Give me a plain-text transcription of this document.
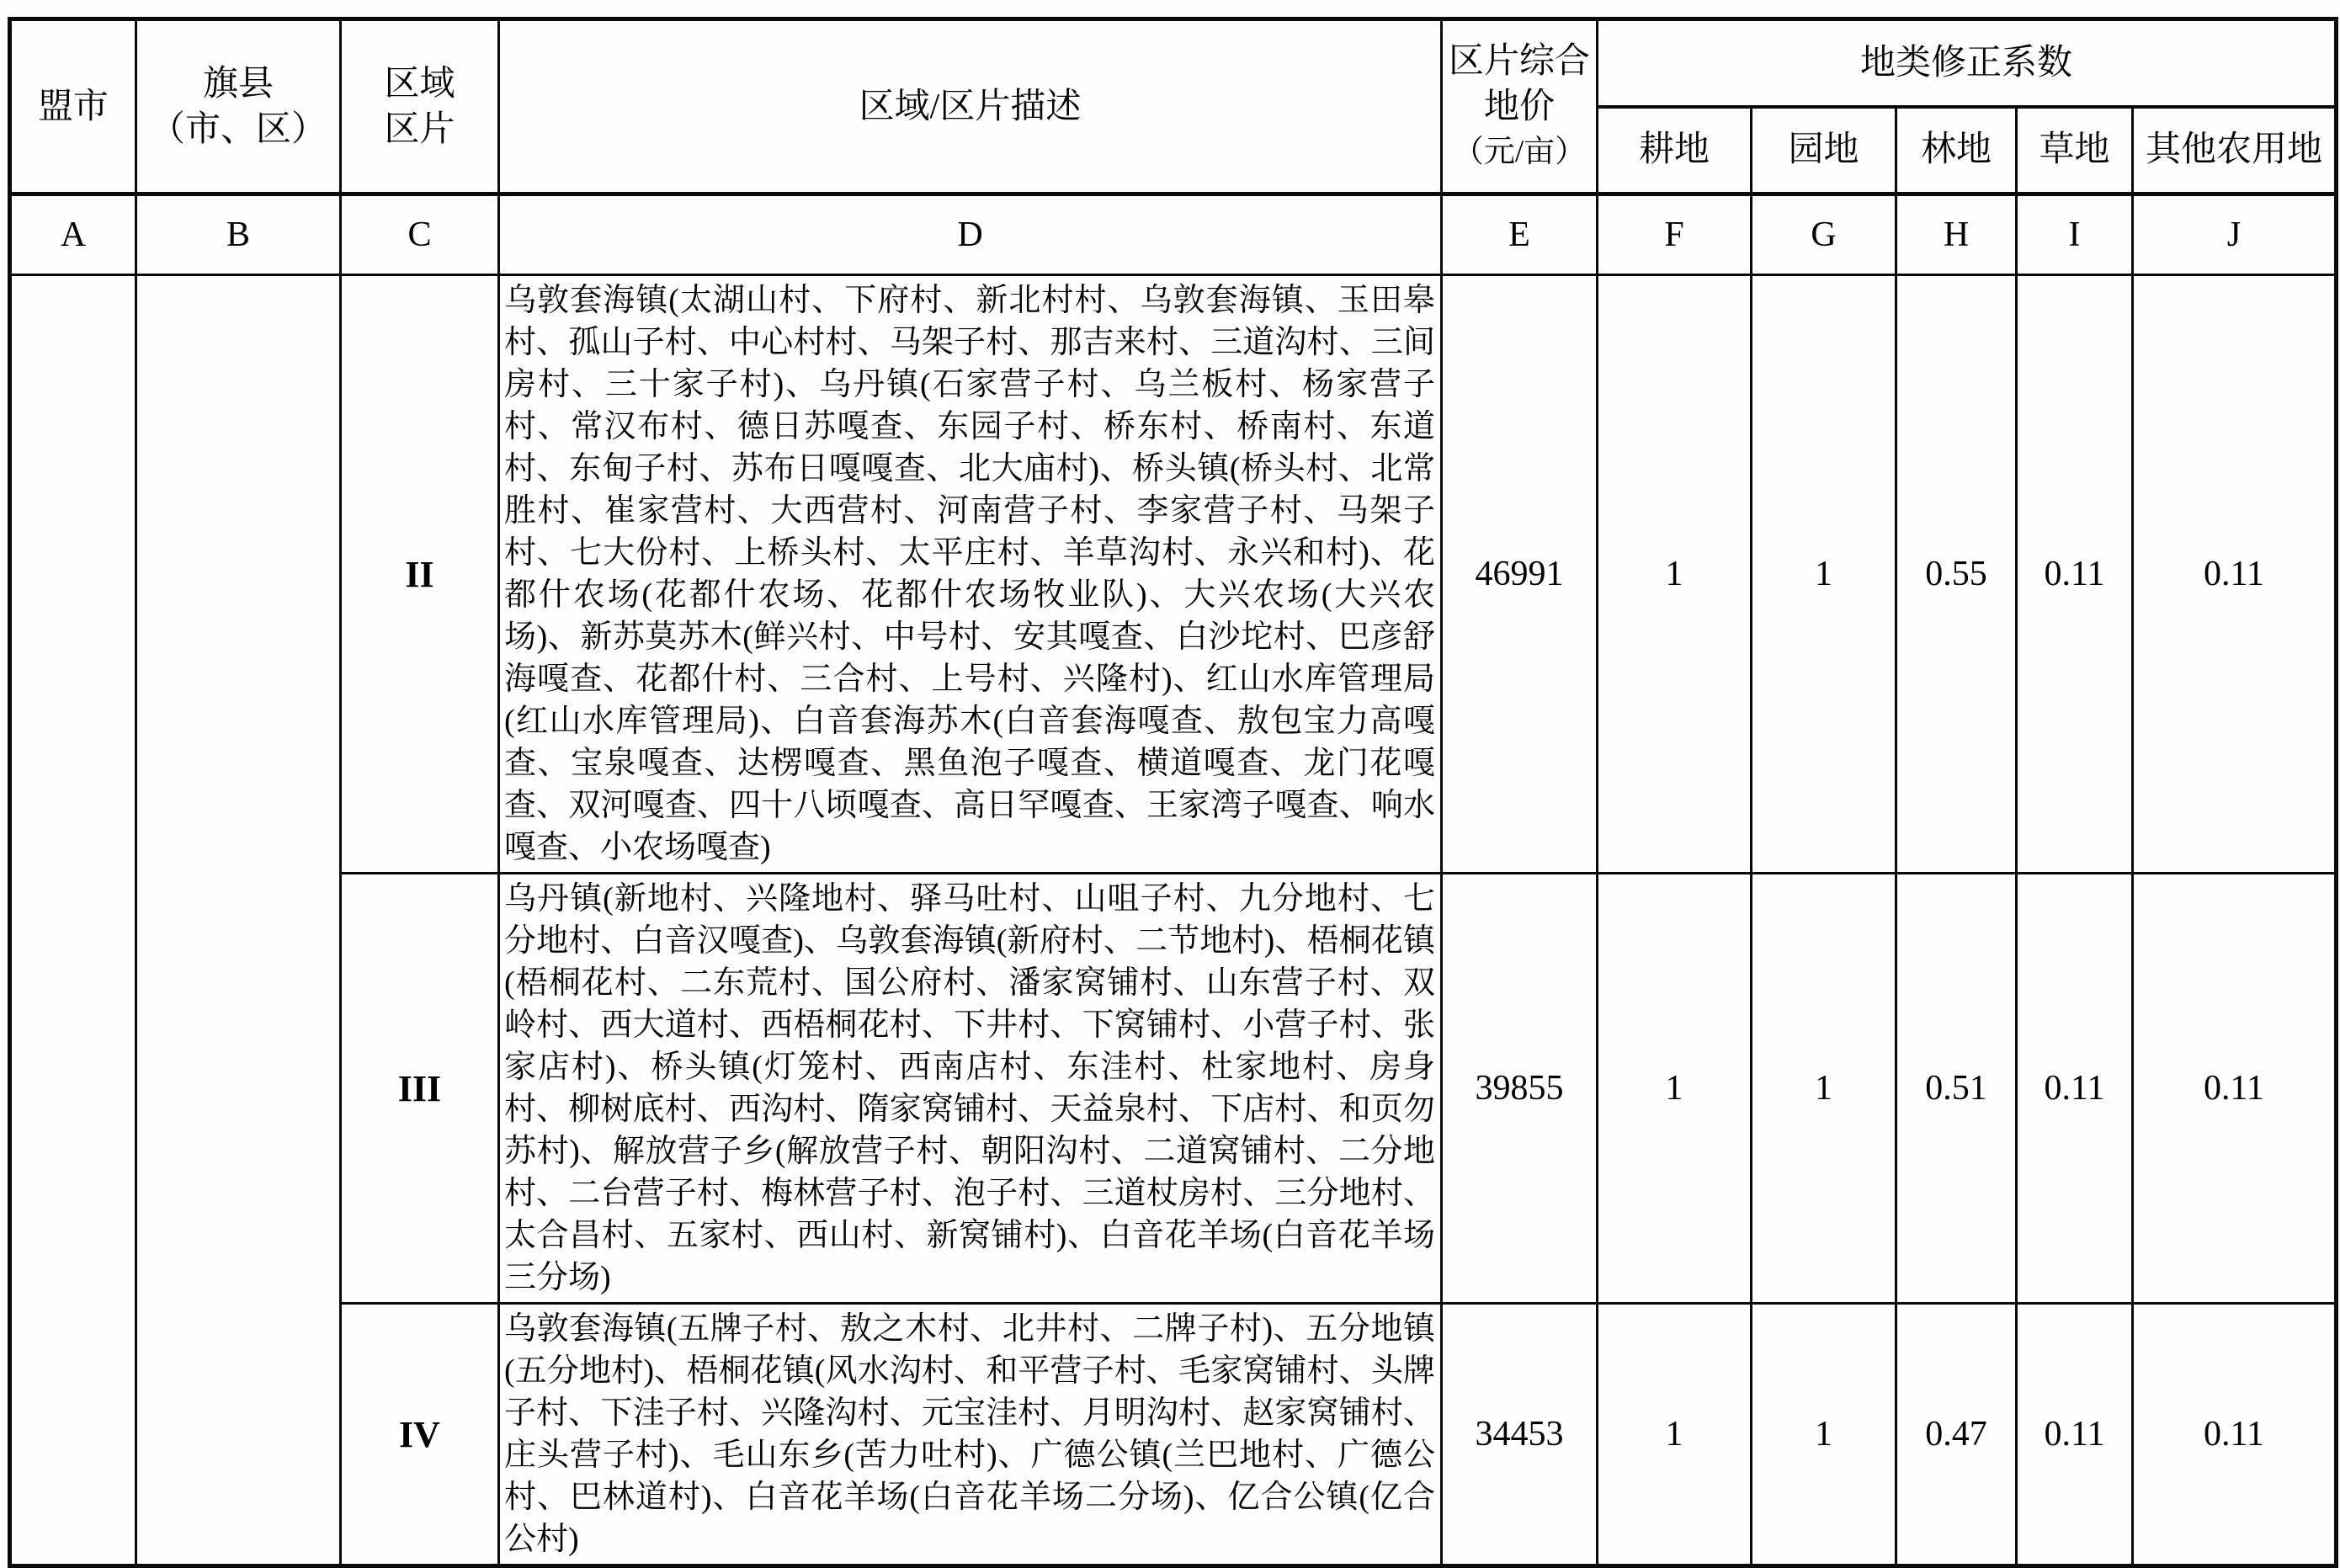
盟市	旗县
（市、区）	区域
区片	区域/区片描述	区片综合
地价
（元/亩）	地类修正系数				
					耕地	园地	林地	草地	其他农用地
A	B	C	D	E	F	G	H	I	J
		II	乌敦套海镇(太湖山村、下府村、新北村村、乌敦套海镇、玉田皋村、孤山子村、中心村村、马架子村、那吉来村、三道沟村、三间房村、三十家子村)、乌丹镇(石家营子村、乌兰板村、杨家营子村、常汉布村、德日苏嘎查、东园子村、桥东村、桥南村、东道村、东甸子村、苏布日嘎嘎查、北大庙村)、桥头镇(桥头村、北常胜村、崔家营村、大西营村、河南营子村、李家营子村、马架子村、七大份村、上桥头村、太平庄村、羊草沟村、永兴和村)、花都什农场(花都什农场、花都什农场牧业队)、大兴农场(大兴农场)、新苏莫苏木(鲜兴村、中号村、安其嘎查、白沙坨村、巴彦舒海嘎查、花都什村、三合村、上号村、兴隆村)、红山水库管理局(红山水库管理局)、白音套海苏木(白音套海嘎查、敖包宝力高嘎查、宝泉嘎查、达楞嘎查、黑鱼泡子嘎查、横道嘎查、龙门花嘎查、双河嘎查、四十八顷嘎查、高日罕嘎查、王家湾子嘎查、响水嘎查、小农场嘎查)	46991	1	1	0.55	0.11	0.11
		III	乌丹镇(新地村、兴隆地村、驿马吐村、山咀子村、九分地村、七分地村、白音汉嘎查)、乌敦套海镇(新府村、二节地村)、梧桐花镇(梧桐花村、二东荒村、国公府村、潘家窝铺村、山东营子村、双岭村、西大道村、西梧桐花村、下井村、下窝铺村、小营子村、张家店村)、桥头镇(灯笼村、西南店村、东洼村、杜家地村、房身村、柳树底村、西沟村、隋家窝铺村、天益泉村、下店村、和页勿苏村)、解放营子乡(解放营子村、朝阳沟村、二道窝铺村、二分地村、二台营子村、梅林营子村、泡子村、三道杖房村、三分地村、太合昌村、五家村、西山村、新窝铺村)、白音花羊场(白音花羊场三分场)	39855	1	1	0.51	0.11	0.11
		IV	乌敦套海镇(五牌子村、敖之木村、北井村、二牌子村)、五分地镇(五分地村)、梧桐花镇(风水沟村、和平营子村、毛家窝铺村、头牌子村、下洼子村、兴隆沟村、元宝洼村、月明沟村、赵家窝铺村、庄头营子村)、毛山东乡(苦力吐村)、广德公镇(兰巴地村、广德公村、巴林道村)、白音花羊场(白音花羊场二分场)、亿合公镇(亿合公村)	34453	1	1	0.47	0.11	0.11
